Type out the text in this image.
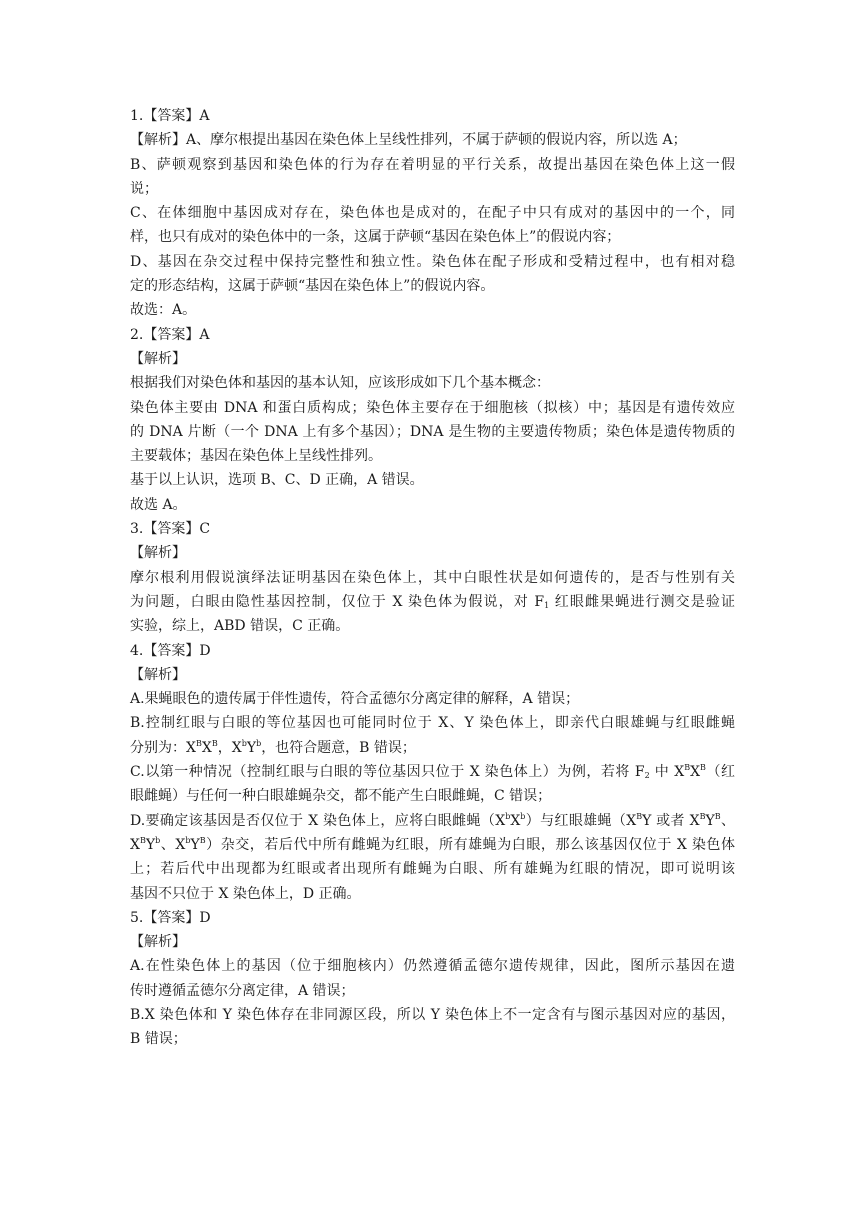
1.【答案】A
【解析】A、摩尔根提出基因在染色体上呈线性排列，不属于萨顿的假说内容，所以选 A；
B、萨顿观察到基因和染色体的行为存在着明显的平行关系，故提出基因在染色体上这一假
说；
C、在体细胞中基因成对存在，染色体也是成对的，在配子中只有成对的基因中的一个，同
样，也只有成对的染色体中的一条，这属于萨顿“基因在染色体上”的假说内容；
D、基因在杂交过程中保持完整性和独立性。染色体在配子形成和受精过程中，也有相对稳
定的形态结构，这属于萨顿“基因在染色体上”的假说内容。
故选：A。
2.【答案】A
【解析】
根据我们对染色体和基因的基本认知，应该形成如下几个基本概念：
染色体主要由 DNA 和蛋白质构成；染色体主要存在于细胞核（拟核）中；基因是有遗传效应
的 DNA 片断（一个 DNA 上有多个基因）；DNA 是生物的主要遗传物质；染色体是遗传物质的
主要载体；基因在染色体上呈线性排列。
基于以上认识，选项 B、C、D 正确，A 错误。
故选 A。
3.【答案】C
【解析】
摩尔根利用假说演绎法证明基因在染色体上，其中白眼性状是如何遗传的，是否与性别有关
为问题，白眼由隐性基因控制，仅位于 X 染色体为假说，对 $F_1$ 红眼雌果蝇进行测交是验证
实验，综上，ABD 错误，C 正确。
4.【答案】D
【解析】
A.果蝇眼色的遗传属于伴性遗传，符合孟德尔分离定律的解释，A 错误；
B.控制红眼与白眼的等位基因也可能同时位于 X、Y 染色体上，即亲代白眼雄蝇与红眼雌蝇
分别为：$X^BX^B$，$X^bY^b$，也符合题意，B 错误；
C.以第一种情况（控制红眼与白眼的等位基因只位于 X 染色体上）为例，若将 $F_2$ 中 $X^BX^B$（红
眼雌蝇）与任何一种白眼雄蝇杂交，都不能产生白眼雌蝇，C 错误；
D.要确定该基因是否仅位于 X 染色体上，应将白眼雌蝇$(X^bX^b)$与红眼雄蝇（$X^BY$ 或者 $X^BY^B$、
$X^BY^b$、$X^bY^B$）杂交，若后代中所有雌蝇为红眼，所有雄蝇为白眼，那么该基因仅位于 X 染色体
上；若后代中出现都为红眼或者出现所有雌蝇为白眼、所有雄蝇为红眼的情况，即可说明该
基因不只位于 X 染色体上，D 正确。
5.【答案】D
【解析】
A.在性染色体上的基因（位于细胞核内）仍然遵循孟德尔遗传规律，因此，图所示基因在遗
传时遵循孟德尔分离定律，A 错误；
B.X 染色体和 Y 染色体存在非同源区段，所以 Y 染色体上不一定含有与图示基因对应的基因，
B 错误；
